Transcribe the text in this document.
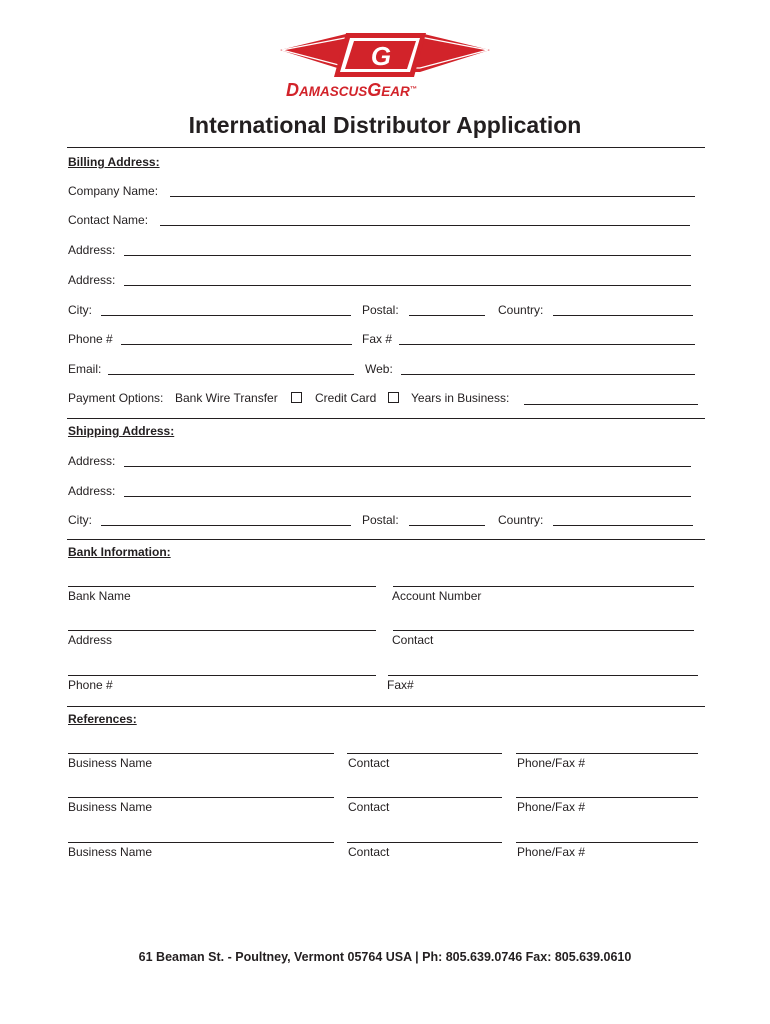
G
DAMASCUSGEAR™
International Distributor Application
Billing Address:
Company Name:
Contact Name:
Address:
Address:
City:	Postal:	Country:
Phone #	Fax #
Email:	Web:
Payment Options: Bank Wire Transfer	Credit Card	Years in Business:
Shipping Address:
Address:
Address:
City:	Postal:	Country:
Bank Information:
Bank Name	Account Number
Address	Contact
Phone #	Fax#
References:
Business Name	Contact	Phone/Fax #
Business Name	Contact	Phone/Fax #
Business Name	Contact	Phone/Fax #
61 Beaman St. - Poultney, Vermont 05764 USA | Ph: 805.639.0746 Fax: 805.639.0610
